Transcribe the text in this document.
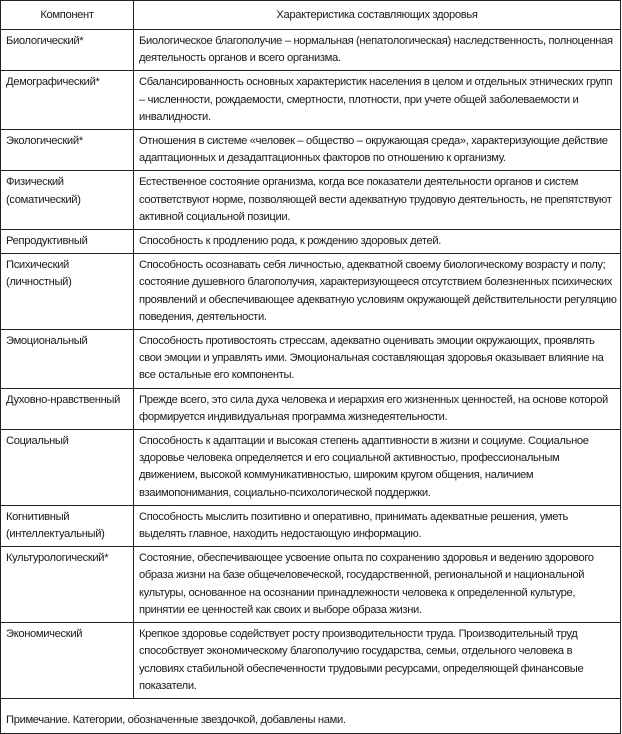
Компонент	Характеристика составляющих здоровья
Биологический*	Биологическое благополучие – нормальная (непатологическая) наследственность, полноценная деятельность органов и всего организма.
Демографический*	Сбалансированность основных характеристик населения в целом и отдельных этнических групп – численности, рождаемости, смертности, плотности, при учете общей заболеваемости и инвалидности.
Экологический*	Отношения в системе «человек – общество – окружающая среда», характеризующие действие адаптационных и дезадаптационных факторов по отношению к организму.
Физический (соматический)	Естественное состояние организма, когда все показатели деятельности органов и систем соответствуют норме, позволяющей вести адекватную трудовую деятельность, не препятствуют активной социальной позиции.
Репродуктивный	Способность к продлению рода, к рождению здоровых детей.
Психический (личностный)	Способность осознавать себя личностью, адекватной своему биологическому возрасту и полу; состояние душевного благополучия, характеризующееся отсутствием болезненных психических проявлений и обеспечивающее адекватную условиям окружающей действительности регуляцию поведения, деятельности.
Эмоциональный	Способность противостоять стрессам, адекватно оценивать эмоции окружающих, проявлять свои эмоции и управлять ими. Эмоциональная составляющая здоровья оказывает влияние на все остальные его компоненты.
Духовно-нравственный	Прежде всего, это сила духа человека и иерархия его жизненных ценностей, на основе которой формируется индивидуальная программа жизнедеятельности.
Социальный	Способность к адаптации и высокая степень адаптивности в жизни и социуме. Социальное здоровье человека определяется и его социальной активностью, профессиональным движением, высокой коммуникативностью, широким кругом общения, наличием взаимопонимания, социально-психологической поддержки.
Когнитивный (интеллектуальный)	Способность мыслить позитивно и оперативно, принимать адекватные решения, уметь выделять главное, находить недостающую информацию.
Культурологический*	Состояние, обеспечивающее усвоение опыта по сохранению здоровья и ведению здорового образа жизни на базе общечеловеческой, государственной, региональной и национальной культуры, основанное на осознании принадлежности человека к определенной культуре, принятии ее ценностей как своих и выборе образа жизни.
Экономический	Крепкое здоровье содействует росту производительности труда. Производительный труд способствует экономическому благополучию государства, семьи, отдельного человека в условиях стабильной обеспеченности трудовыми ресурсами, определяющей финансовые показатели.
Примечание. Категории, обозначенные звездочкой, добавлены нами.	
